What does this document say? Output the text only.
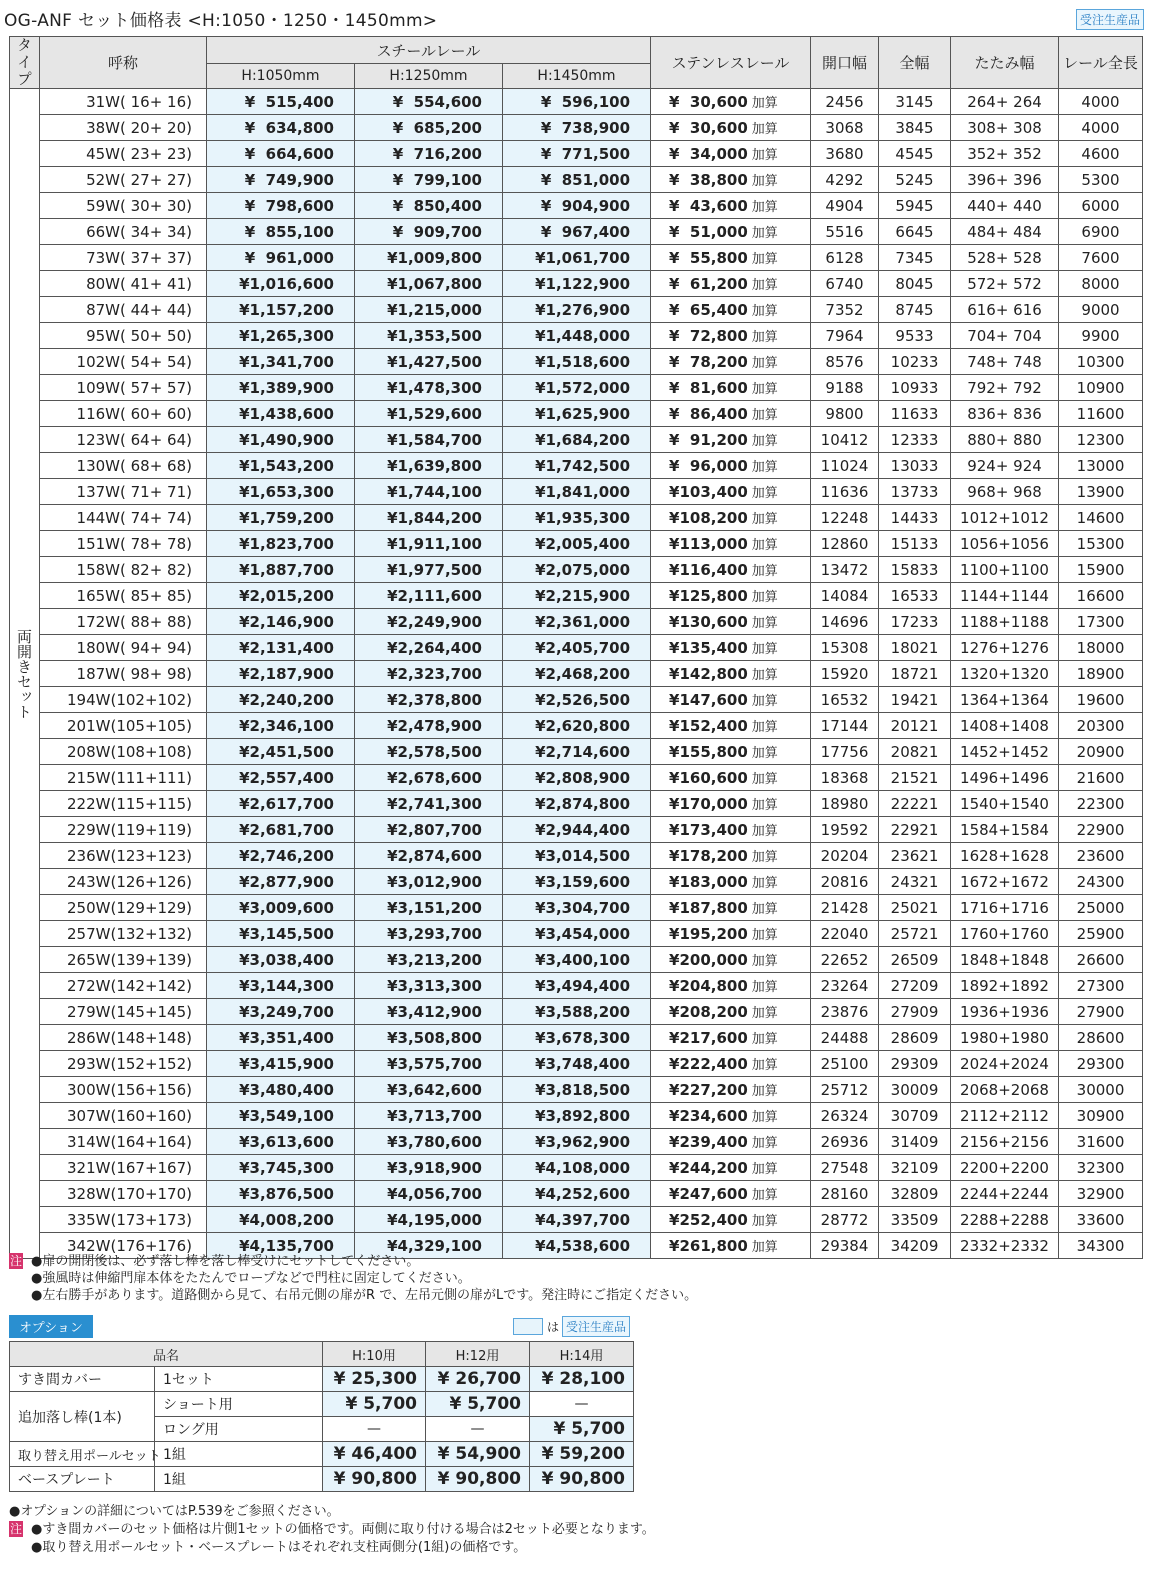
OG-ANF セット価格表 <H:1050・1250・1450mm>	受注生産品
タイプ	呼称	スチールレール			ステンレスレール	開口幅	全幅	たたみ幅	レール全長
		H:1050mm	H:1250mm	H:1450mm					
両開きセット	31W( 16+ 16)	¥  515,400	¥  554,600	¥  596,100	¥  30,600 加算	2456	3145	264+ 264	4000
	38W( 20+ 20)	¥  634,800	¥  685,200	¥  738,900	¥  30,600 加算	3068	3845	308+ 308	4000
	45W( 23+ 23)	¥  664,600	¥  716,200	¥  771,500	¥  34,000 加算	3680	4545	352+ 352	4600
	52W( 27+ 27)	¥  749,900	¥  799,100	¥  851,000	¥  38,800 加算	4292	5245	396+ 396	5300
	59W( 30+ 30)	¥  798,600	¥  850,400	¥  904,900	¥  43,600 加算	4904	5945	440+ 440	6000
	66W( 34+ 34)	¥  855,100	¥  909,700	¥  967,400	¥  51,000 加算	5516	6645	484+ 484	6900
	73W( 37+ 37)	¥  961,000	¥1,009,800	¥1,061,700	¥  55,800 加算	6128	7345	528+ 528	7600
	80W( 41+ 41)	¥1,016,600	¥1,067,800	¥1,122,900	¥  61,200 加算	6740	8045	572+ 572	8000
	87W( 44+ 44)	¥1,157,200	¥1,215,000	¥1,276,900	¥  65,400 加算	7352	8745	616+ 616	9000
	95W( 50+ 50)	¥1,265,300	¥1,353,500	¥1,448,000	¥  72,800 加算	7964	9533	704+ 704	9900
	102W( 54+ 54)	¥1,341,700	¥1,427,500	¥1,518,600	¥  78,200 加算	8576	10233	748+ 748	10300
	109W( 57+ 57)	¥1,389,900	¥1,478,300	¥1,572,000	¥  81,600 加算	9188	10933	792+ 792	10900
	116W( 60+ 60)	¥1,438,600	¥1,529,600	¥1,625,900	¥  86,400 加算	9800	11633	836+ 836	11600
	123W( 64+ 64)	¥1,490,900	¥1,584,700	¥1,684,200	¥  91,200 加算	10412	12333	880+ 880	12300
	130W( 68+ 68)	¥1,543,200	¥1,639,800	¥1,742,500	¥  96,000 加算	11024	13033	924+ 924	13000
	137W( 71+ 71)	¥1,653,300	¥1,744,100	¥1,841,000	¥103,400 加算	11636	13733	968+ 968	13900
	144W( 74+ 74)	¥1,759,200	¥1,844,200	¥1,935,300	¥108,200 加算	12248	14433	1012+1012	14600
	151W( 78+ 78)	¥1,823,700	¥1,911,100	¥2,005,400	¥113,000 加算	12860	15133	1056+1056	15300
	158W( 82+ 82)	¥1,887,700	¥1,977,500	¥2,075,000	¥116,400 加算	13472	15833	1100+1100	15900
	165W( 85+ 85)	¥2,015,200	¥2,111,600	¥2,215,900	¥125,800 加算	14084	16533	1144+1144	16600
	172W( 88+ 88)	¥2,146,900	¥2,249,900	¥2,361,000	¥130,600 加算	14696	17233	1188+1188	17300
	180W( 94+ 94)	¥2,131,400	¥2,264,400	¥2,405,700	¥135,400 加算	15308	18021	1276+1276	18000
	187W( 98+ 98)	¥2,187,900	¥2,323,700	¥2,468,200	¥142,800 加算	15920	18721	1320+1320	18900
	194W(102+102)	¥2,240,200	¥2,378,800	¥2,526,500	¥147,600 加算	16532	19421	1364+1364	19600
	201W(105+105)	¥2,346,100	¥2,478,900	¥2,620,800	¥152,400 加算	17144	20121	1408+1408	20300
	208W(108+108)	¥2,451,500	¥2,578,500	¥2,714,600	¥155,800 加算	17756	20821	1452+1452	20900
	215W(111+111)	¥2,557,400	¥2,678,600	¥2,808,900	¥160,600 加算	18368	21521	1496+1496	21600
	222W(115+115)	¥2,617,700	¥2,741,300	¥2,874,800	¥170,000 加算	18980	22221	1540+1540	22300
	229W(119+119)	¥2,681,700	¥2,807,700	¥2,944,400	¥173,400 加算	19592	22921	1584+1584	22900
	236W(123+123)	¥2,746,200	¥2,874,600	¥3,014,500	¥178,200 加算	20204	23621	1628+1628	23600
	243W(126+126)	¥2,877,900	¥3,012,900	¥3,159,600	¥183,000 加算	20816	24321	1672+1672	24300
	250W(129+129)	¥3,009,600	¥3,151,200	¥3,304,700	¥187,800 加算	21428	25021	1716+1716	25000
	257W(132+132)	¥3,145,500	¥3,293,700	¥3,454,000	¥195,200 加算	22040	25721	1760+1760	25900
	265W(139+139)	¥3,038,400	¥3,213,200	¥3,400,100	¥200,000 加算	22652	26509	1848+1848	26600
	272W(142+142)	¥3,144,300	¥3,313,300	¥3,494,400	¥204,800 加算	23264	27209	1892+1892	27300
	279W(145+145)	¥3,249,700	¥3,412,900	¥3,588,200	¥208,200 加算	23876	27909	1936+1936	27900
	286W(148+148)	¥3,351,400	¥3,508,800	¥3,678,300	¥217,600 加算	24488	28609	1980+1980	28600
	293W(152+152)	¥3,415,900	¥3,575,700	¥3,748,400	¥222,400 加算	25100	29309	2024+2024	29300
	300W(156+156)	¥3,480,400	¥3,642,600	¥3,818,500	¥227,200 加算	25712	30009	2068+2068	30000
	307W(160+160)	¥3,549,100	¥3,713,700	¥3,892,800	¥234,600 加算	26324	30709	2112+2112	30900
	314W(164+164)	¥3,613,600	¥3,780,600	¥3,962,900	¥239,400 加算	26936	31409	2156+2156	31600
	321W(167+167)	¥3,745,300	¥3,918,900	¥4,108,000	¥244,200 加算	27548	32109	2200+2200	32300
	328W(170+170)	¥3,876,500	¥4,056,700	¥4,252,600	¥247,600 加算	28160	32809	2244+2244	32900
	335W(173+173)	¥4,008,200	¥4,195,000	¥4,397,700	¥252,400 加算	28772	33509	2288+2288	33600
	342W(176+176)	¥4,135,700	¥4,329,100	¥4,538,600	¥261,800 加算	29384	34209	2332+2332	34300
注 ●扉の開閉後は、必ず落し棒を落し棒受けにセットしてください。
●強風時は伸縮門扉本体をたたんでロープなどで門柱に固定してください。
●左右勝手があります。道路側から見て、右吊元側の扉がR で、左吊元側の扉がLです。発注時にご指定ください。
オプション	は 受注生産品
品名		H:10用	H:12用	H:14用
すき間カバー	1セット	¥ 25,300	¥ 26,700	¥ 28,100
追加落し棒(1本)	ショート用	¥ 5,700	¥ 5,700	—
	ロング用	—	—	¥ 5,700
取り替え用ポールセット	1組	¥ 46,400	¥ 54,900	¥ 59,200
ベースプレート	1組	¥ 90,800	¥ 90,800	¥ 90,800
●オプションの詳細についてはP.539をご参照ください。
注 ●すき間カバーのセット価格は片側1セットの価格です。両側に取り付ける場合は2セット必要となります。
●取り替え用ポールセット・ベースプレートはそれぞれ支柱両側分(1組)の価格です。
